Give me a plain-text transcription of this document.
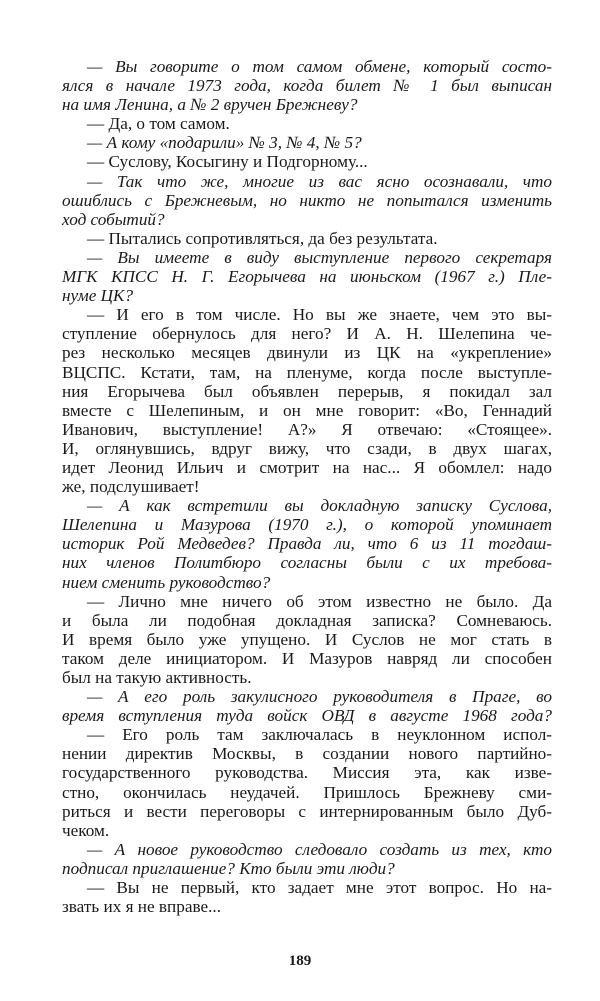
— Вы говорите о том самом обмене, который состо-
ялся в начале 1973 года, когда билет № 1 был выписан
на имя Ленина, а № 2 вручен Брежневу?
— Да, о том самом.
— А кому «подарили» № 3, № 4, № 5?
— Суслову, Косыгину и Подгорному...
— Так что же, многие из вас ясно осознавали, что
ошиблись с Брежневым, но никто не попытался изменить
ход событий?
— Пытались сопротивляться, да без результата.
— Вы имеете в виду выступление первого секретаря
МГК КПСС Н. Г. Егорычева на июньском (1967 г.) Пле-
нуме ЦК?
— И его в том числе. Но вы же знаете, чем это вы-
ступление обернулось для него? И А. Н. Шелепина че-
рез несколько месяцев двинули из ЦК на «укрепление»
ВЦСПС. Кстати, там, на пленуме, когда после выступле-
ния Егорычева был объявлен перерыв, я покидал зал
вместе с Шелепиным, и он мне говорит: «Во, Геннадий
Иванович, выступление! А?» Я отвечаю: «Стоящее».
И, оглянувшись, вдруг вижу, что сзади, в двух шагах,
идет Леонид Ильич и смотрит на нас... Я обомлел: надо
же, подслушивает!
— А как встретили вы докладную записку Суслова,
Шелепина и Мазурова (1970 г.), о которой упоминает
историк Рой Медведев? Правда ли, что 6 из 11 тогдаш-
них членов Политбюро согласны были с их требова-
нием сменить руководство?
— Лично мне ничего об этом известно не было. Да
и была ли подобная докладная записка? Сомневаюсь.
И время было уже упущено. И Суслов не мог стать в
таком деле инициатором. И Мазуров навряд ли способен
был на такую активность.
— А его роль закулисного руководителя в Праге, во
время вступления туда войск ОВД в августе 1968 года?
— Его роль там заключалась в неуклонном испол-
нении директив Москвы, в создании нового партийно-
государственного руководства. Миссия эта, как изве-
стно, окончилась неудачей. Пришлось Брежневу сми-
риться и вести переговоры с интернированным было Дуб-
чеком.
— А новое руководство следовало создать из тех, кто
подписал приглашение? Кто были эти люди?
— Вы не первый, кто задает мне этот вопрос. Но на-
звать их я не вправе...
189
